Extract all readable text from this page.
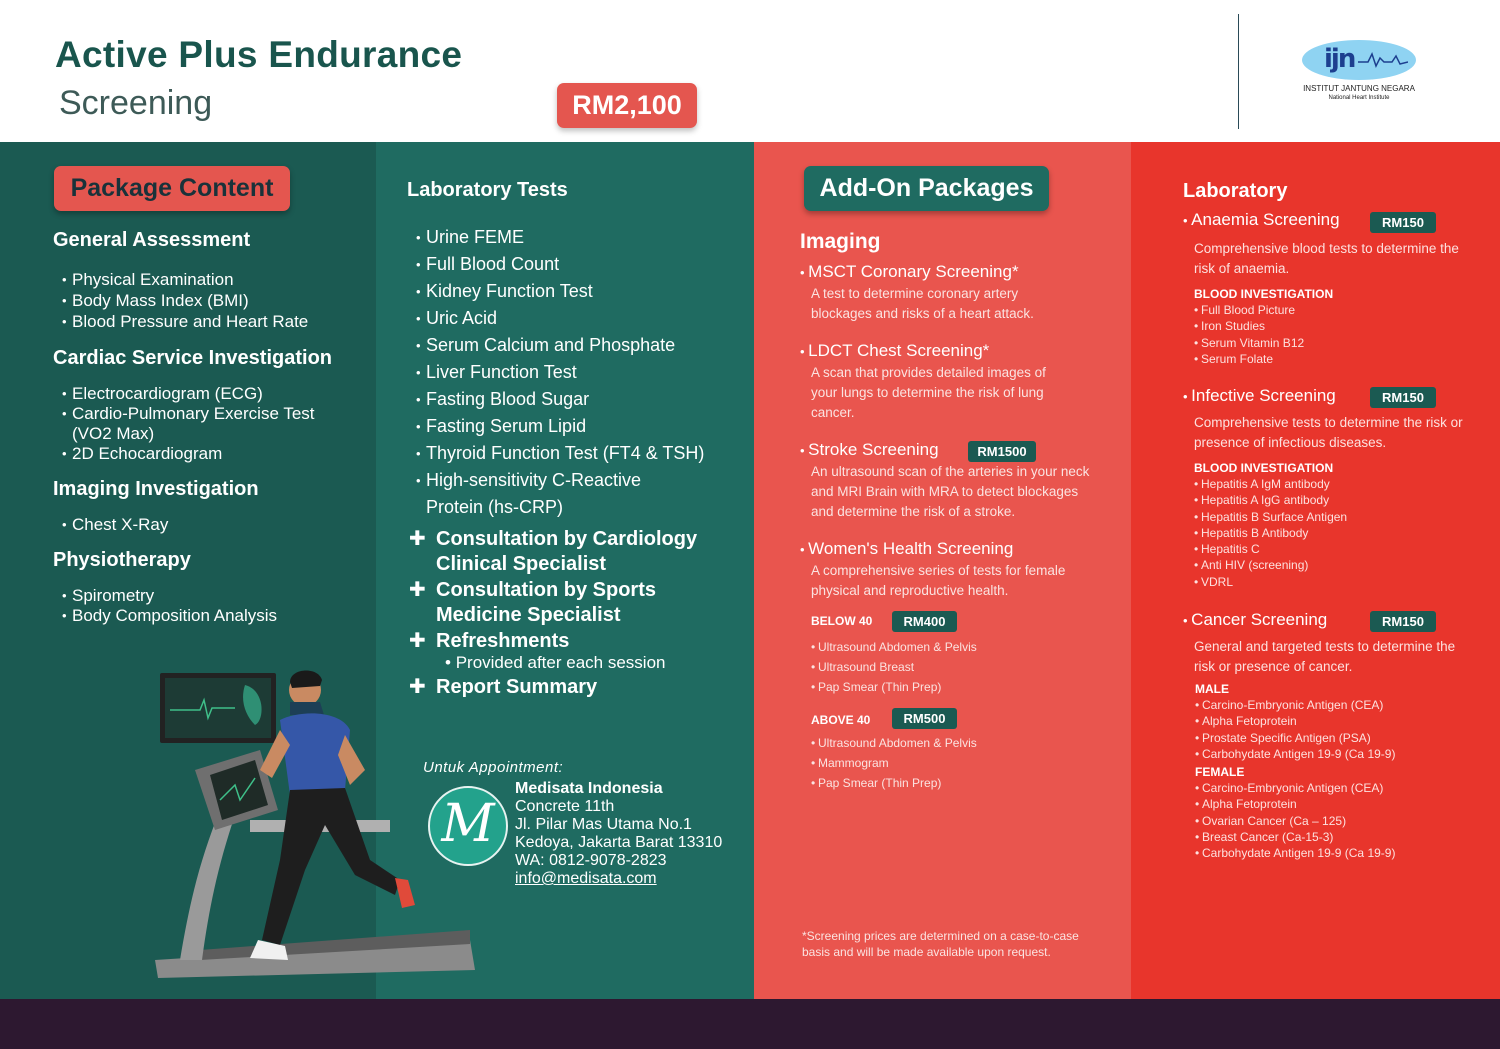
Active Plus Endurance
Screening	RM2,100
ijn
INSTITUT JANTUNG NEGARA
National Heart Institute
Package Content
General Assessment
• Physical Examination
• Body Mass Index (BMI)
• Blood Pressure and Heart Rate
Cardiac Service Investigation
• Electrocardiogram (ECG)
• Cardio-Pulmonary Exercise Test (VO2 Max)
• 2D Echocardiogram
Imaging Investigation
• Chest X-Ray
Physiotherapy
• Spirometry
• Body Composition Analysis
Laboratory Tests
• Urine FEME
• Full Blood Count
• Kidney Function Test
• Uric Acid
• Serum Calcium and Phosphate
• Liver Function Test
• Fasting Blood Sugar
• Fasting Serum Lipid
• Thyroid Function Test (FT4 & TSH)
• High-sensitivity C-Reactive Protein (hs-CRP)
✚ Consultation by Cardiology Clinical Specialist
✚ Consultation by Sports Medicine Specialist
✚ Refreshments
• Provided after each session
✚ Report Summary
Untuk Appointment:
M
Medisata Indonesia
Concrete 11th
Jl. Pilar Mas Utama No.1
Kedoya, Jakarta Barat 13310
WA: 0812-9078-2823
info@medisata.com
Add-On Packages
Imaging
• MSCT Coronary Screening*
A test to determine coronary artery blockages and risks of a heart attack.
• LDCT Chest Screening*
A scan that provides detailed images of your lungs to determine the risk of lung cancer.
• Stroke Screening	RM1500
An ultrasound scan of the arteries in your neck and MRI Brain with MRA to detect blockages and determine the risk of a stroke.
• Women's Health Screening
A comprehensive series of tests for female physical and reproductive health.
BELOW 40	RM400
• Ultrasound Abdomen & Pelvis
• Ultrasound Breast
• Pap Smear (Thin Prep)
ABOVE 40	RM500
• Ultrasound Abdomen & Pelvis
• Mammogram
• Pap Smear (Thin Prep)
*Screening prices are determined on a case-to-case basis and will be made available upon request.
Laboratory
• Anaemia Screening	RM150
Comprehensive blood tests to determine the risk of anaemia.
BLOOD INVESTIGATION
• Full Blood Picture
• Iron Studies
• Serum Vitamin B12
• Serum Folate
• Infective Screening	RM150
Comprehensive tests to determine the risk or presence of infectious diseases.
BLOOD INVESTIGATION
• Hepatitis A IgM antibody
• Hepatitis A IgG antibody
• Hepatitis B Surface Antigen
• Hepatitis B Antibody
• Hepatitis C
• Anti HIV (screening)
• VDRL
• Cancer Screening	RM150
General and targeted tests to determine the risk or presence of cancer.
MALE
• Carcino-Embryonic Antigen (CEA)
• Alpha Fetoprotein
• Prostate Specific Antigen (PSA)
• Carbohydate Antigen 19-9 (Ca 19-9)
FEMALE
• Carcino-Embryonic Antigen (CEA)
• Alpha Fetoprotein
• Ovarian Cancer (Ca – 125)
• Breast Cancer (Ca-15-3)
• Carbohydate Antigen 19-9 (Ca 19-9)
